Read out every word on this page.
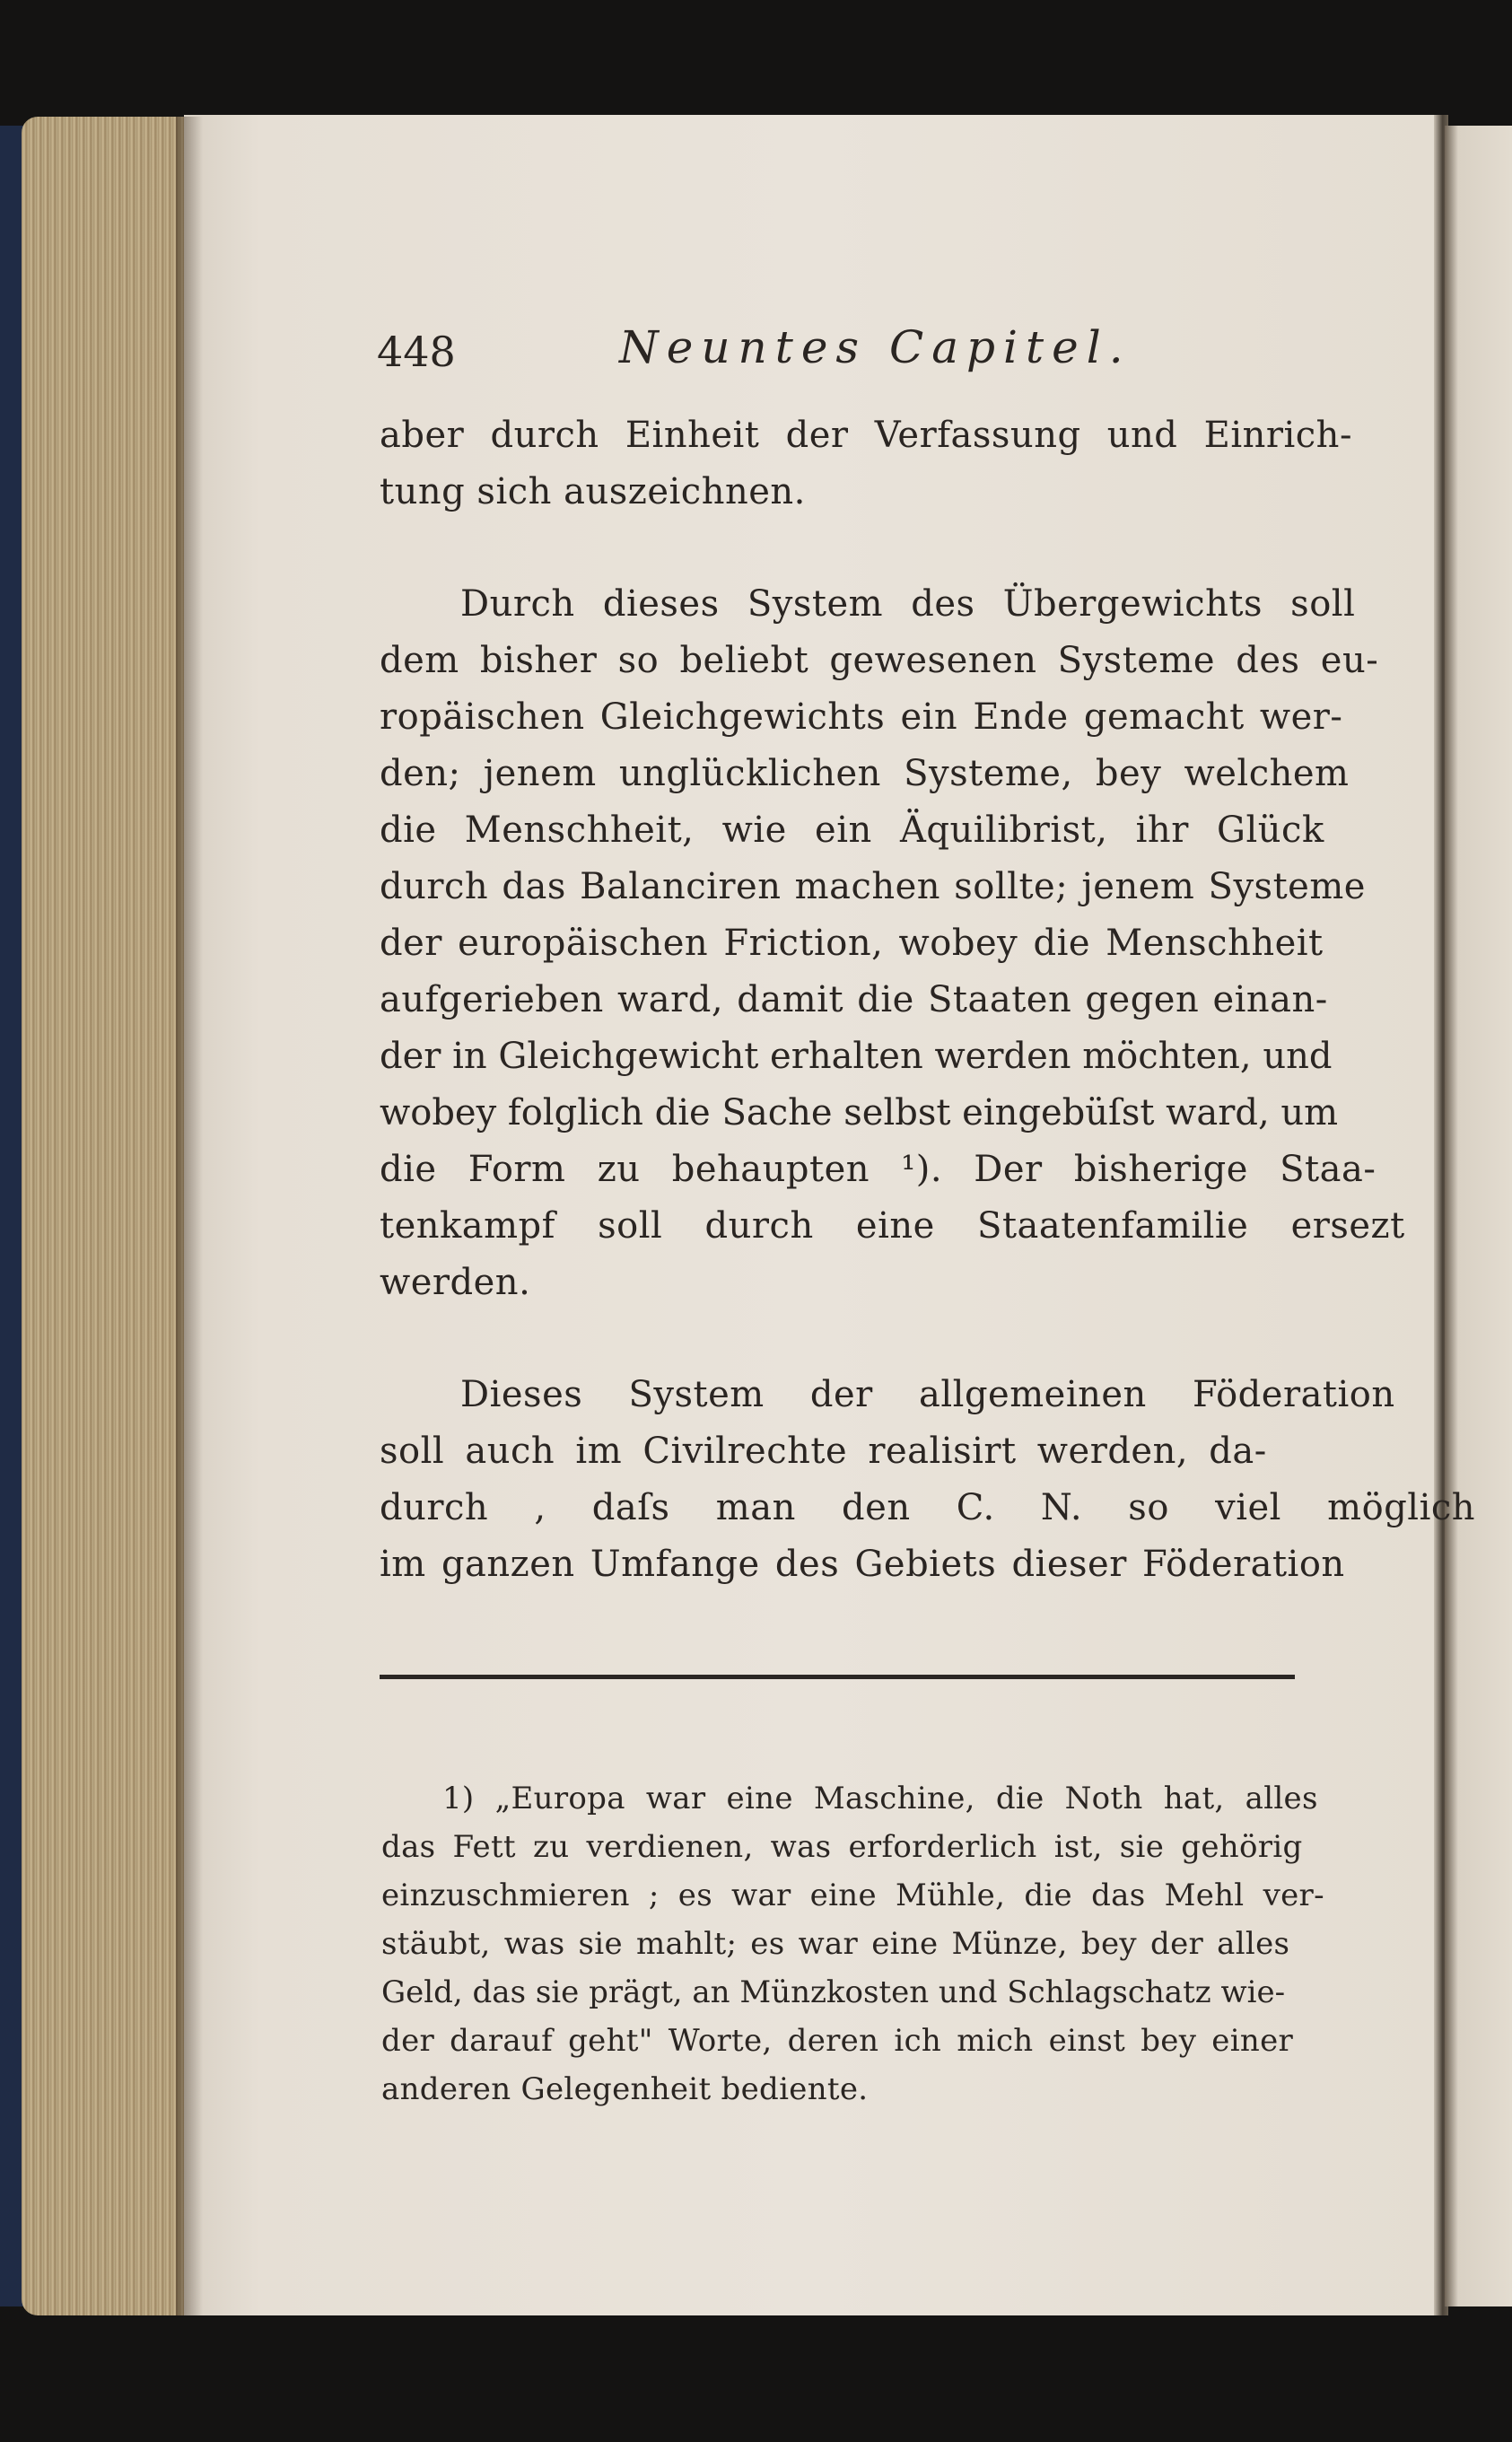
448	Neuntes Capitel.
aber durch Einheit der Verfassung und Einrich-
tung sich auszeichnen.
Durch dieses System des Übergewichts soll
dem bisher so beliebt gewesenen Systeme des eu-
ropäischen Gleichgewichts ein Ende gemacht wer-
den; jenem unglücklichen Systeme, bey welchem
die Menschheit, wie ein Äquilibrist, ihr Glück
durch das Balanciren machen sollte; jenem Systeme
der europäischen Friction, wobey die Menschheit
aufgerieben ward, damit die Staaten gegen einan-
der in Gleichgewicht erhalten werden möchten, und
wobey folglich die Sache selbst eingebüſst ward, um
die Form zu behaupten ¹). Der bisherige Staa-
tenkampf soll durch eine Staatenfamilie ersezt
werden.
Dieses System der allgemeinen Föderation
soll auch im Civilrechte realisirt werden, da-
durch , daſs man den C. N. so viel möglich
im ganzen Umfange des Gebiets dieser Föderation
1) „Europa war eine Maschine, die Noth hat, alles
das Fett zu verdienen, was erforderlich ist, sie gehörig
einzuschmieren ; es war eine Mühle, die das Mehl ver-
stäubt, was sie mahlt; es war eine Münze, bey der alles
Geld, das sie prägt, an Münzkosten und Schlagschatz wie-
der darauf geht" Worte, deren ich mich einst bey einer
anderen Gelegenheit bediente.
